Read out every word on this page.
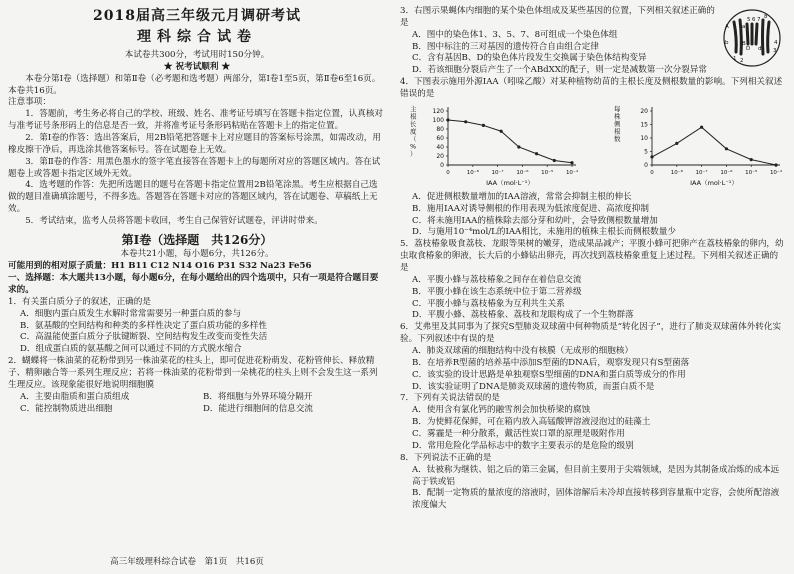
2018届高三年级元月调研考试

理科综合试卷

本试卷共300分，考试用时150分钟。

★ 祝考试顺利 ★

本卷分第Ⅰ卷（选择题）和第Ⅱ卷（必考题和选考题）两部分，第Ⅰ卷1至5页，第Ⅱ卷6至16页。本卷共16页。

注意事项：

1．答题前，考生务必将自己的学校、班级、姓名、准考证号填写在答题卡指定位置，认真核对与准考证号条形码上的信息是否一致，并将准考证号条形码粘贴在答题卡上的指定位置。

2．第Ⅰ卷的作答：选出答案后，用2B铅笔把答题卡上对应题目的答案标号涂黑，如需改动，用橡皮擦干净后，再选涂其他答案标号。答在试题卷上无效。

3．第Ⅱ卷的作答：用黑色墨水的签字笔直接答在答题卡上的每题所对应的答题区域内。答在试题卷上或答题卡指定区域外无效。

4．选考题的作答：先把所选题目的题号在答题卡指定位置用2B铅笔涂黑。考生应根据自己选做的题目准确填涂题号，不得多选。答题答在答题卡对应的答题区域内，答在试题卷、草稿纸上无效。

5．考试结束，监考人员将答题卡收回，考生自己保管好试题卷，评讲时带来。

第Ⅰ卷（选择题　共126分）

本卷共21小题，每小题6分，共126分。

可能用到的相对原子质量：H1 B11 C12 N14 O16 P31 S32 Na23 Fe56

一、选择题：本大题共13小题，每小题6分，在每小题给出的四个选项中，只有一项是符合题目要求的。

1．有关蛋白质分子的叙述，正确的是

A．细胞内蛋白质发生水解时常常需要另一种蛋白质的参与

B．氨基酸的空间结构和种类的多样性决定了蛋白质功能的多样性

C．高温能使蛋白质分子肽键断裂、空间结构发生改变而变性失活

D．组成蛋白质的氨基酸之间可以通过不同的方式脱水缩合

2．蝴蝶将一株油菜的花粉带到另一株油菜花的柱头上，即可促进花粉萌发、花粉管伸长、释放精子、精卵融合等一系列生理反应；若将一株油菜的花粉带到一朵桃花的柱头上则不会发生这一系列生理反应。该现象能很好地说明细胞膜

A．主要由脂质和蛋白质组成	B．将细胞与外界环境分隔开
C．能控制物质进出细胞	D．能进行细胞间的信息交流
高三年级理科综合试卷　第1页　共16页

3．右图示果蝇体内细胞的某个染色体组成及某些基因的位置，下列相关叙述正确的是

A．图中的染色体1、3、5、7、8可组成一个染色体组

B．图中标注的三对基因的遗传符合自由组合定律

C．含有基因B、D的染色体片段发生交换属于染色体结构变异

D．若该细胞分裂后产生了一个ABdXX的配子，则一定是减数第一次分裂异常

4．下图表示施用外源IAA（吲哚乙酸）对某种植物幼苗的主根长度及侧根数量的影响。下列相关叙述错误的是

主根长度（%）
0
20
40
60
80
100
120
0	10⁻⁸ 10⁻⁷ 10⁻⁶ 10⁻⁵ 10⁻⁴
IAA（mol·L⁻¹）
每株侧根数
0
5
10
15
20
0	10⁻⁸ 10⁻⁷ 10⁻⁶ 10⁻⁵ 10⁻⁴
IAA（mol·L⁻¹）

A．促进侧根数量增加的IAA溶液，常常会抑制主根的伸长

B．施用IAA对诱导侧根的作用表现为低浓度促进、高浓度抑制

C．将未施用IAA的植株除去部分芽和幼叶，会导致侧根数量增加

D．与施用10⁻⁴mol/L的IAA相比，未施用的植株主根长而侧根数量少

5．荔枝椿象吸食荔枝、龙眼等果树的嫩芽，造成果品减产；平腹小蜂可把卵产在荔枝椿象的卵内，幼虫取食椿象的卵液，长大后的小蜂钻出卵壳，再次找到荔枝椿象重复上述过程。下列相关叙述正确的是

A．平腹小蜂与荔枝椿象之间存在着信息交流

B．平腹小蜂在该生态系统中位于第二营养级

C．平腹小蜂与荔枝椿象为互利共生关系

D．平腹小蜂、荔枝椿象、荔枝和龙眼构成了一个生物群落

6．艾弗里及其同事为了探究S型肺炎双球菌中何种物质是“转化因子”，进行了肺炎双球菌体外转化实验。下列叙述中有误的是

A．肺炎双球菌的细胞结构中没有核膜（无成形的细胞核）

B．在培养R型菌的培养基中添加S型菌的DNA后，观察发现只有S型菌落

C．该实验的设计思路是单独观察S型细菌的DNA和蛋白质等成分的作用

D．该实验证明了DNA是肺炎双球菌的遗传物质，而蛋白质不是

7．下列有关说法错误的是

A．使用含有氯化钙的融雪剂会加快桥梁的腐蚀

B．为使鲜花保鲜，可在箱内放入高锰酸钾溶液浸泡过的硅藻土

C．雾霾是一种分散系，戴活性炭口罩的原理是吸附作用

D．常用危险化学品标志中的数字主要表示的是危险的级别

8．下列说法不正确的是

A．钛被称为继铁、铝之后的第三金属，但目前主要用于尖端领域，是因为其制备成冶炼的成本远高于铁或铝

B．配制一定物质的量浓度的溶液时，固体溶解后未冷却直接转移到容量瓶中定容，会使所配溶液浓度偏大

A
b
a
B
D d
1 2
3
4
5 6 7 8
